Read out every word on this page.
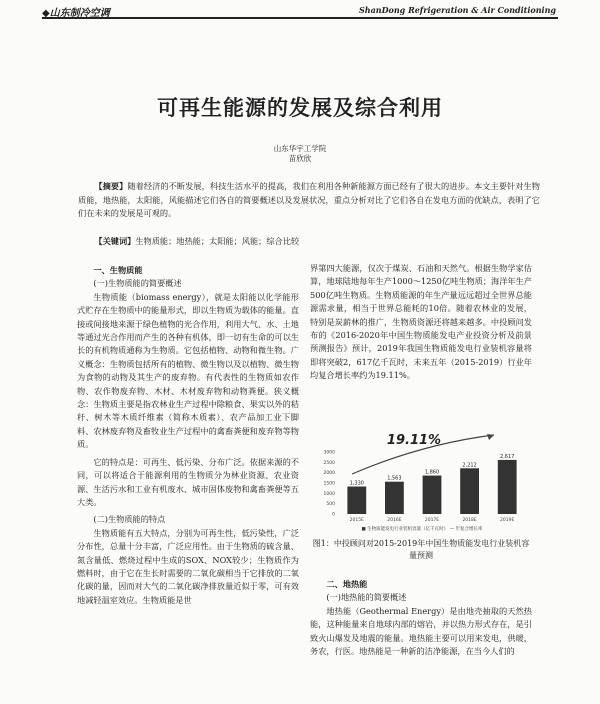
◆山东制冷空调	ShanDong Refrigeration & Air Conditioning
可再生能源的发展及综合利用
山东华宇工学院
苗欣欣

【摘要】随着经济的不断发展，科技生活水平的提高，我们在利用各种新能源方面已经有了很大的进步。本文主要针对生物质能，地热能，太阳能，风能描述它们各自的简要概述以及发展状况，重点分析对比了它们各自在发电方面的优缺点，表明了它们在未来的发展是可观的。

【关键词】生物质能；地热能；太阳能；风能；综合比较

一、生物质能

(一)生物质能的简要概述

生物质能（biomass energy），就是太阳能以化学能形式贮存在生物质中的能量形式，即以生物质为载体的能量。直接或间接地来源于绿色植物的光合作用，利用大气、水、土地等通过光合作用而产生的各种有机体，即一切有生命的可以生长的有机物质通称为生物质。它包括植物、动物和微生物。广义概念：生物质包括所有的植物、微生物以及以植物、微生物为食物的动物及其生产的废弃物。有代表性的生物质如农作物、农作物废弃物、木材、木材废弃物和动物粪便。狭义概念：生物质主要是指农林业生产过程中除粮食、果实以外的秸秆、树木等木质纤维素（简称木质素）、农产品加工业下脚料、农林废弃物及畜牧业生产过程中的禽畜粪便和废弃物等物质。

它的特点是：可再生、低污染、分布广泛。依据来源的不同，可以将适合于能源利用的生物质分为林业资源、农业资源、生活污水和工业有机废水、城市固体废物和禽畜粪便等五大类。

(二)生物质能的特点

生物质能有五大特点，分别为可再生性，低污染性，广泛分布性，总量十分丰富，广泛应用性。由于生物质的硫含量、氮含量低、燃烧过程中生成的SOX、NOX较少；生物质作为燃料时，由于它在生长时需要的二氧化碳相当于它排放的二氧化碳的量，因而对大气的二氧化碳净排放量近似于零，可有效地减轻温室效应。生物质能是世

界第四大能源，仅次于煤炭、石油和天然气。根据生物学家估算，地球陆地每年生产1000～1250亿吨生物质；海洋年生产500亿吨生物质。生物质能源的年生产量远远超过全世界总能源需求量，相当于世界总能耗的10倍。随着农林业的发展，特别是炭薪林的推广，生物质资源还将越来越多。中投顾问发布的《2016-2020年中国生物质能发电产业投资分析及前景预测报告》预计，2019年我国生物质能发电行业装机容量将即将突破2，617亿千瓦时，未来五年（2015-2019）行业年均复合增长率约为19.11%。

3000
2500
2000
1500
1000
500
0
1,330
1,563
1,860
2,212
2,617
2015E	2016E	2017E	2018E	2019E
19.11%
■ 生物质能发电行业装机容量（亿千瓦时） — 年复合增长率
图1：中投顾问对2015-2019年中国生物质能发电行业装机容量预测

二、地热能

(一)地热能的简要概述

地热能（Geothermal Energy）是由地壳抽取的天然热能，这种能量来自地球内部的熔岩，并以热力形式存在，是引致火山爆发及地震的能量。地热能主要可以用来发电，供暖，务农，行医。地热能是一种新的洁净能源，在当今人们的
